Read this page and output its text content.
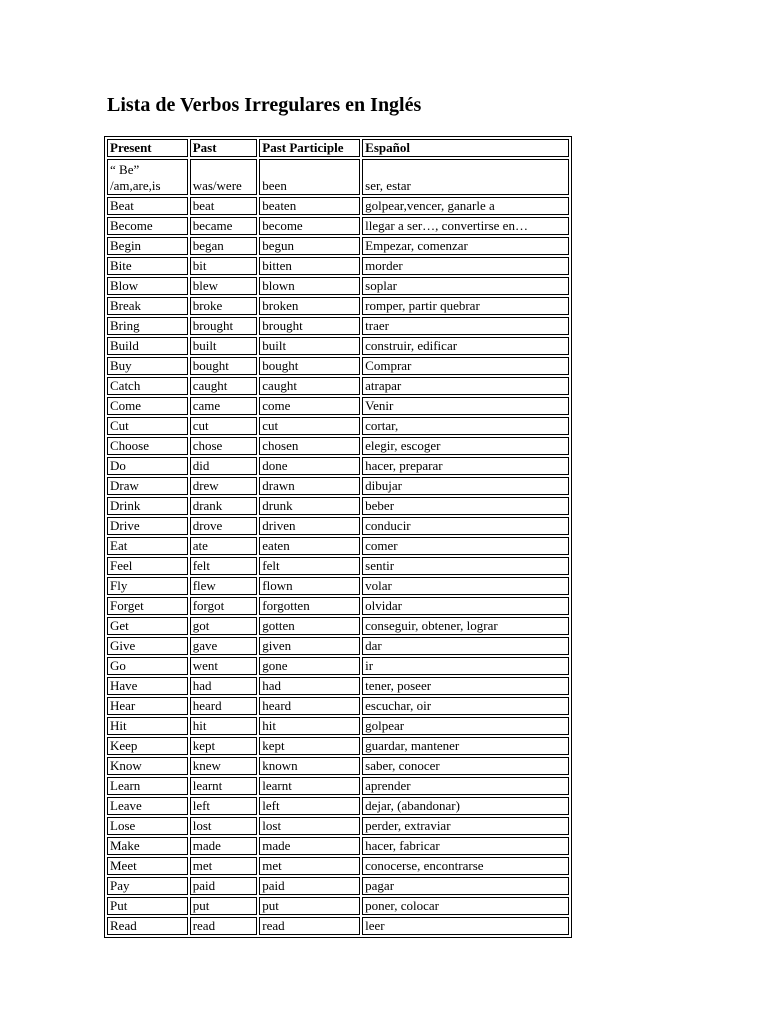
Lista de Verbos Irregulares en Inglés
Present	Past	Past Participle	Español
“ Be” /am,are,is	was/were	been	ser, estar
Beat	beat	beaten	golpear,vencer, ganarle a
Become	became	become	llegar a ser…, convertirse en…
Begin	began	begun	Empezar, comenzar
Bite	bit	bitten	morder
Blow	blew	blown	soplar
Break	broke	broken	romper, partir quebrar
Bring	brought	brought	traer
Build	built	built	construir, edificar
Buy	bought	bought	Comprar
Catch	caught	caught	atrapar
Come	came	come	Venir
Cut	cut	cut	cortar,
Choose	chose	chosen	elegir, escoger
Do	did	done	hacer, preparar
Draw	drew	drawn	dibujar
Drink	drank	drunk	beber
Drive	drove	driven	conducir
Eat	ate	eaten	comer
Feel	felt	felt	sentir
Fly	flew	flown	volar
Forget	forgot	forgotten	olvidar
Get	got	gotten	conseguir, obtener, lograr
Give	gave	given	dar
Go	went	gone	ir
Have	had	had	tener, poseer
Hear	heard	heard	escuchar, oir
Hit	hit	hit	golpear
Keep	kept	kept	guardar, mantener
Know	knew	known	saber, conocer
Learn	learnt	learnt	aprender
Leave	left	left	dejar, (abandonar)
Lose	lost	lost	perder, extraviar
Make	made	made	hacer, fabricar
Meet	met	met	conocerse, encontrarse
Pay	paid	paid	pagar
Put	put	put	poner, colocar
Read	read	read	leer
